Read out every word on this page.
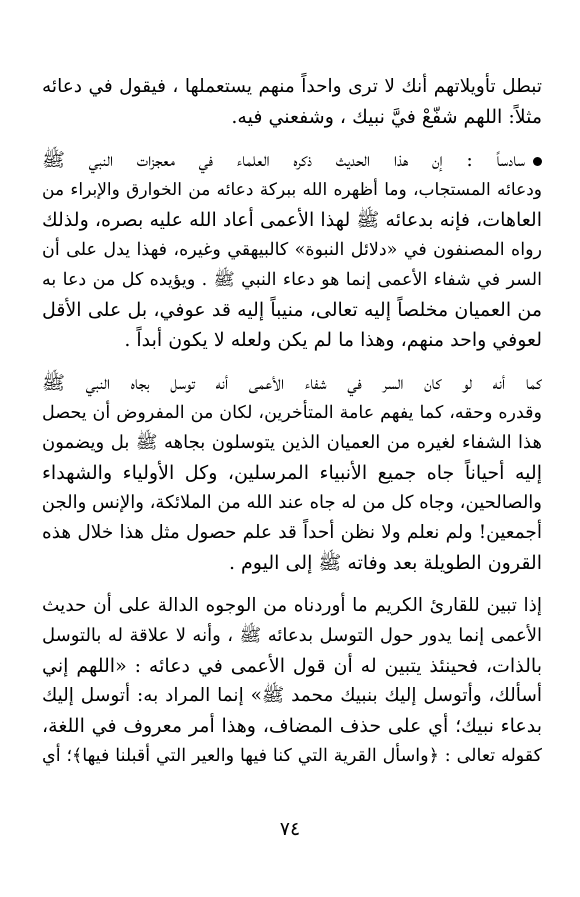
تبطل تأويلاتهم أنك لا ترى واحداً منهم يستعملها ، فيقول في دعائه
مثلاً: اللهم شفّعْ فيَّ نبيك ، وشفعني فيه.
سادساً : إن هذا الحديث ذكره العلماء في معجزات النبي ﷺ
ودعائه المستجاب، وما أظهره الله ببركة دعائه من الخوارق والإبراء من
العاهات، فإنه بدعائه ﷺ لهذا الأعمى أعاد الله عليه بصره، ولذلك
رواه المصنفون في «دلائل النبوة» كالبيهقي وغيره، فهذا يدل على أن
السر في شفاء الأعمى إنما هو دعاء النبي ﷺ . ويؤيده كل من دعا به
من العميان مخلصاً إليه تعالى، منيباً إليه قد عوفي، بل على الأقل
لعوفي واحد منهم، وهذا ما لم يكن ولعله لا يكون أبداً .
كما أنه لو كان السر في شفاء الأعمى أنه توسل بجاه النبي ﷺ
وقدره وحقه، كما يفهم عامة المتأخرين، لكان من المفروض أن يحصل
هذا الشفاء لغيره من العميان الذين يتوسلون بجاهه ﷺ بل ويضمون
إليه أحياناً جاه جميع الأنبياء المرسلين، وكل الأولياء والشهداء
والصالحين، وجاه كل من له جاه عند الله من الملائكة، والإنس والجن
أجمعين! ولم نعلم ولا نظن أحداً قد علم حصول مثل هذا خلال هذه
القرون الطويلة بعد وفاته ﷺ إلى اليوم .
إذا تبين للقارئ الكريم ما أوردناه من الوجوه الدالة على أن حديث
الأعمى إنما يدور حول التوسل بدعائه ﷺ ، وأنه لا علاقة له بالتوسل
بالذات، فحينئذ يتبين له أن قول الأعمى في دعائه : «اللهم إني
أسألك، وأتوسل إليك بنبيك محمد ﷺ» إنما المراد به: أتوسل إليك
بدعاء نبيك؛ أي على حذف المضاف، وهذا أمر معروف في اللغة،
كقوله تعالى : ﴿واسأل القرية التي كنا فيها والعير التي أقبلنا فيها﴾؛ أي
٧٤
